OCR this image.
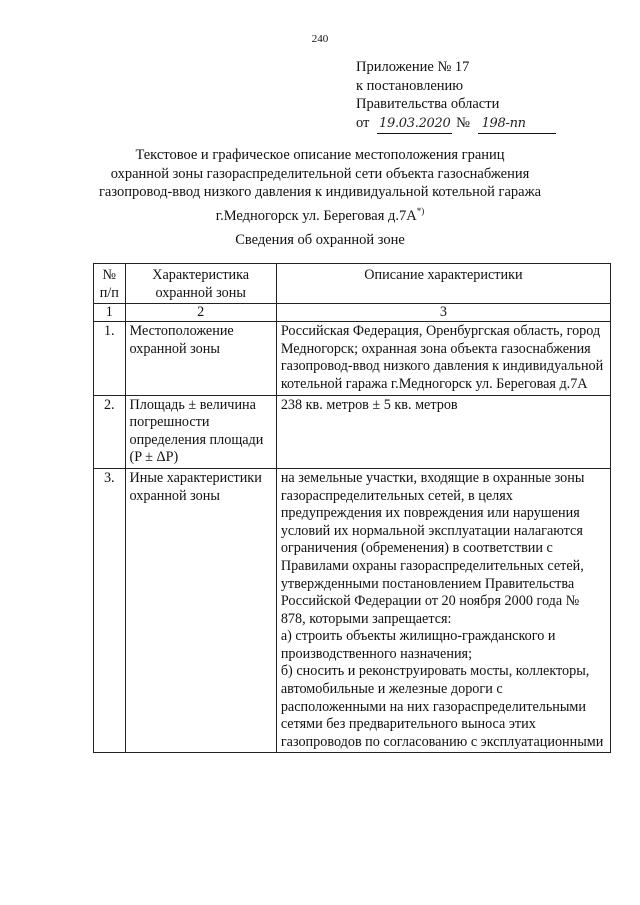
240
Приложение № 17
к постановлению
Правительства области
от 19.03.2020 № 198-пп
Текстовое и графическое описание местоположения границ
охранной зоны газораспределительной сети объекта газоснабжения
газопровод-ввод низкого давления к индивидуальной котельной гаража
г.Медногорск ул. Береговая д.7А*)
Сведения об охранной зоне
№ п/п	Характеристика охранной зоны	Описание характеристики
1	2	3
1.	Местоположение охранной зоны	Российская Федерация, Оренбургская область, город Медногорск; охранная зона объекта газоснабжения газопровод-ввод низкого давления к индивидуальной котельной гаража г.Медногорск ул. Береговая д.7А
2.	Площадь ± величина погрешности определения площади (P ± ΔP)	238 кв. метров ± 5 кв. метров
3.	Иные характеристики охранной зоны	на земельные участки, входящие в охранные зоны газораспределительных сетей, в целях предупреждения их повреждения или нарушения условий их нормальной эксплуатации налагаются ограничения (обременения) в соответствии с Правилами охраны газораспределительных сетей, утвержденными постановлением Правительства Российской Федерации от 20 ноября 2000 года № 878, которыми запрещается:
а) строить объекты жилищно-гражданского и производственного назначения;
б) сносить и реконструировать мосты, коллекторы, автомобильные и железные дороги с расположенными на них газораспределительными сетями без предварительного выноса этих газопроводов по согласованию с эксплуатационными
